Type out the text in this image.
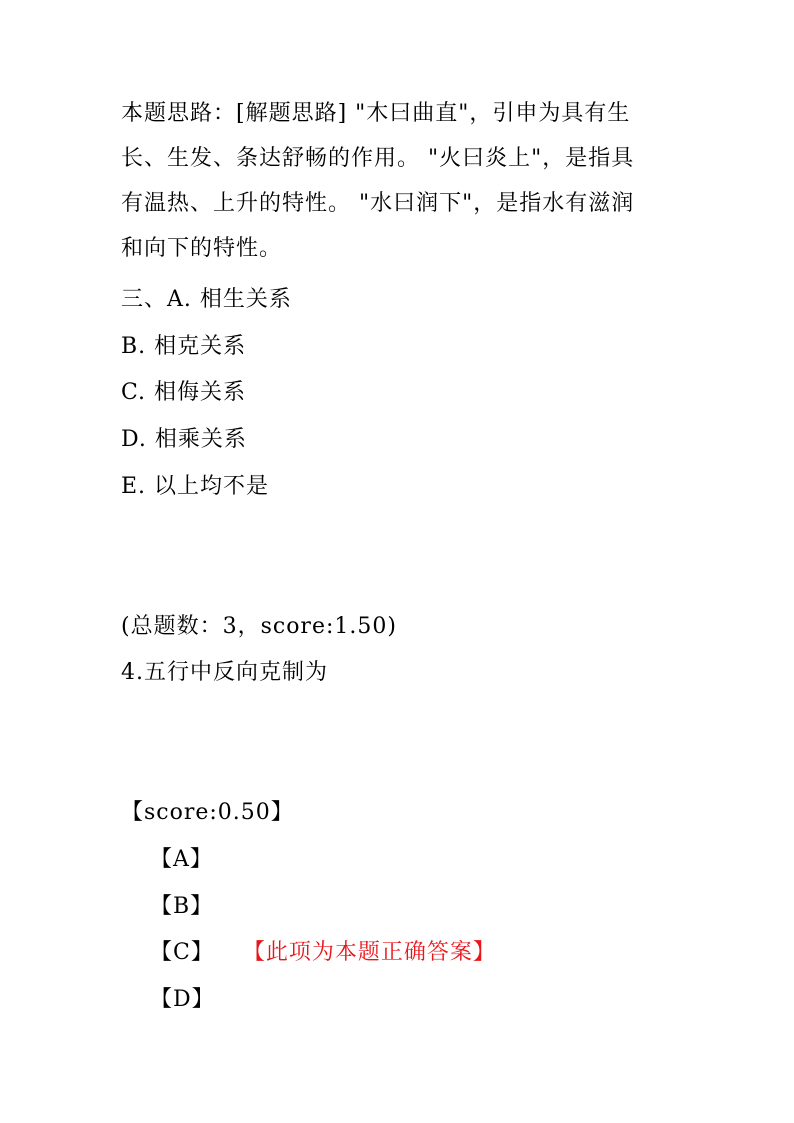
本题思路：[解题思路] "木曰曲直"，引申为具有生
长、生发、条达舒畅的作用。 "火曰炎上"，是指具
有温热、上升的特性。 "水曰润下"，是指水有滋润
和向下的特性。
三、A. 相生关系
B. 相克关系
C. 相侮关系
D. 相乘关系
E. 以上均不是
(总题数：3，score:1.50)
4.五行中反向克制为
【score:0.50】
【A】
【B】
【C】 【此项为本题正确答案】
【D】
